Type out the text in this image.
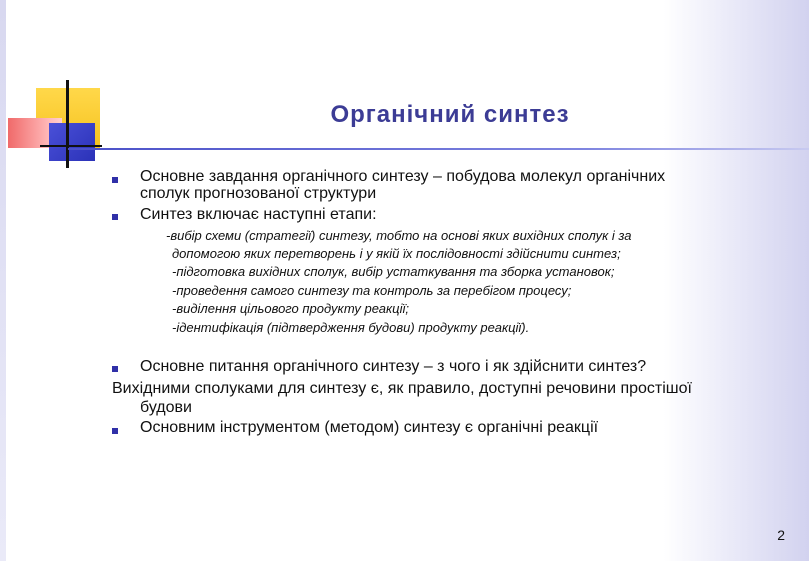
Органічний синтез
Основне завдання органічного синтезу – побудова молекул органічних
сполук прогнозованої структури
Синтез включає наступні етапи:
-вибір схеми (стратегії) синтезу, тобто на основі яких вихідних сполук і за
допомогою яких перетворень і у якій їх послідовності здійснити синтез;
-підготовка вихідних сполук, вибір устаткування та зборка установок;
-проведення самого синтезу та контроль за перебігом процесу;
-виділення цільового продукту реакції;
-ідентифікація (підтвердження будови) продукту реакції).
Основне питання органічного синтезу – з чого і як здійснити синтез?
Вихідними сполуками для синтезу є, як правило, доступні речовини простішої
будови
Основним інструментом (методом) синтезу є органічні реакції
2
